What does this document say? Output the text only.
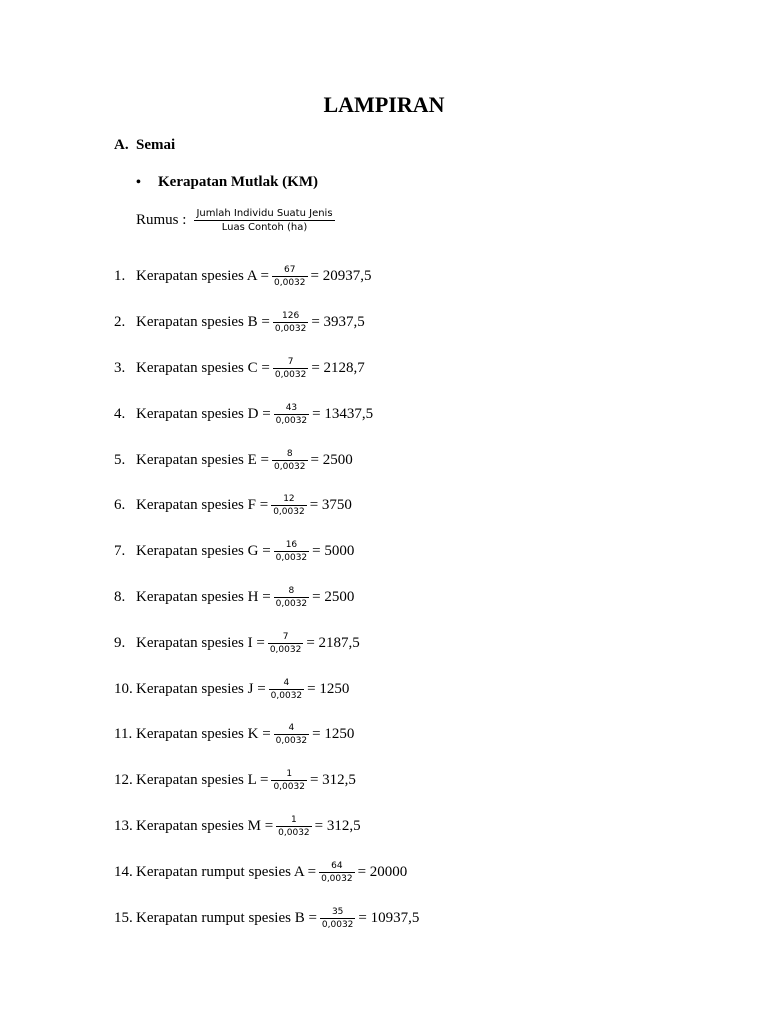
LAMPIRAN
A. Semai
•	Kerapatan Mutlak (KM)
Rumus : $\frac{\text{Jumlah Individu Suatu Jenis}}{\text{Luas Contoh (ha)}}$
1. Kerapatan spesies $A = \frac{67}{0,0032} = 20937,5$
2. Kerapatan spesies $B = \frac{126}{0,0032} = 3937,5$
3. Kerapatan spesies $C = \frac{7}{0,0032} = 2128,7$
4. Kerapatan spesies $D = \frac{43}{0,0032} = 13437,5$
5. Kerapatan spesies $E = \frac{8}{0,0032} = 2500$
6. Kerapatan spesies $F = \frac{12}{0,0032} = 3750$
7. Kerapatan spesies $G = \frac{16}{0,0032} = 5000$
8. Kerapatan spesies $H = \frac{8}{0,0032} = 2500$
9. Kerapatan spesies $I = \frac{7}{0,0032} = 2187,5$
10. Kerapatan spesies $J = \frac{4}{0,0032} = 1250$
11. Kerapatan spesies $K = \frac{4}{0,0032} = 1250$
12. Kerapatan spesies $L = \frac{1}{0,0032} = 312,5$
13. Kerapatan spesies $M = \frac{1}{0,0032} = 312,5$
14. Kerapatan rumput spesies $A = \frac{64}{0,0032} = 20000$
15. Kerapatan rumput spesies $B = \frac{35}{0,0032} = 10937,5$
